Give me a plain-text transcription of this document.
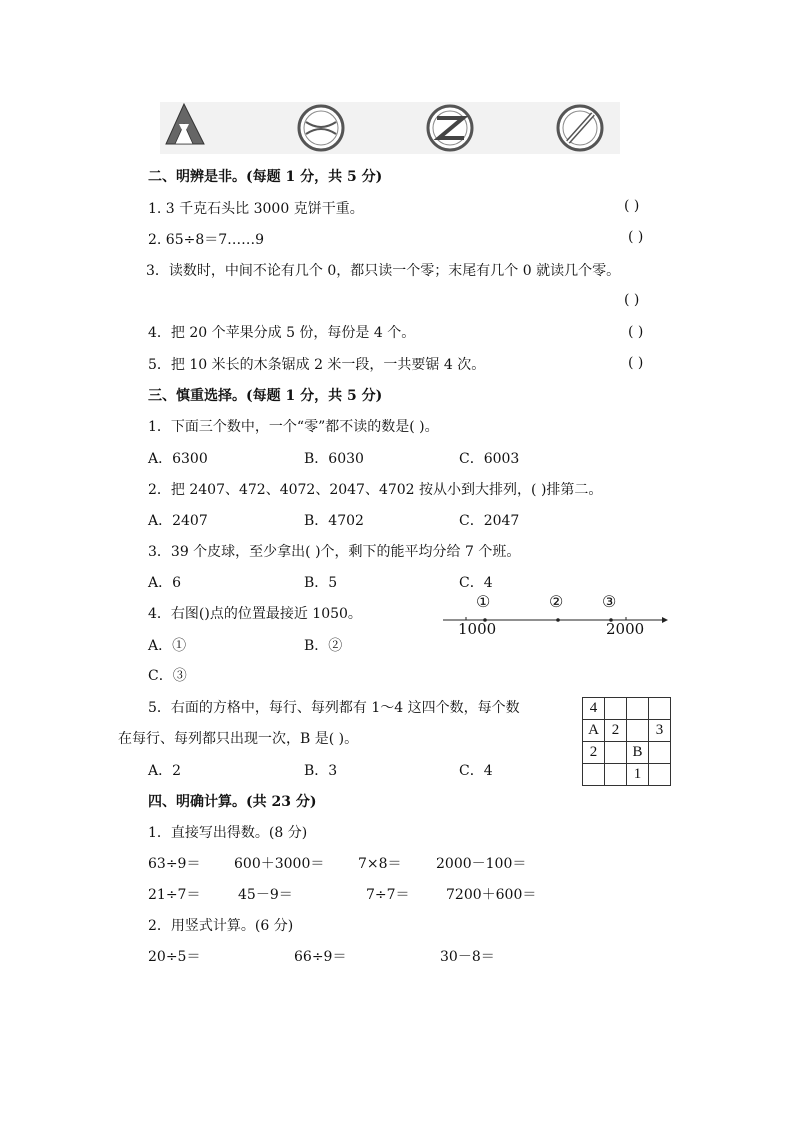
二、明辨是非。(每题 1 分，共 5 分)
1. 3 千克石头比 3000 克饼干重。	( )
2. 65÷8＝7……9	( )
3．读数时，中间不论有几个 0，都只读一个零；末尾有几个 0 就读几个零。
( )
4．把 20 个苹果分成 5 份，每份是 4 个。	( )
5．把 10 米长的木条锯成 2 米一段，一共要锯 4 次。	( )
三、慎重选择。(每题 1 分，共 5 分)
1．下面三个数中，一个“零”都不读的数是( )。
A．6300	B．6030	C．6003
2．把 2407、472、4072、2047、4702 按从小到大排列，( )排第二。
A．2407	B．4702	C．2047
3．39 个皮球，至少拿出( )个，剩下的能平均分给 7 个班。
A．6	B．5	C．4
4．右图()点的位置最接近 1050。
A．①	B．②
C．③
①	② ③
1000	2000
5．右面的方格中，每行、每列都有 1～4 这四个数，每个数
在每行、每列都只出现一次，B 是( )。
A．2	B．3	C．4
4			
A	2		3
2		B	
		1	
四、明确计算。(共 23 分)
1．直接写出得数。(8 分)
63÷9＝ 600＋3000＝ 7×8＝ 2000－100＝
21÷7＝	45－9＝	7÷7＝	7200＋600＝
2．用竖式计算。(6 分)
20÷5＝	66÷9＝	30－8＝
